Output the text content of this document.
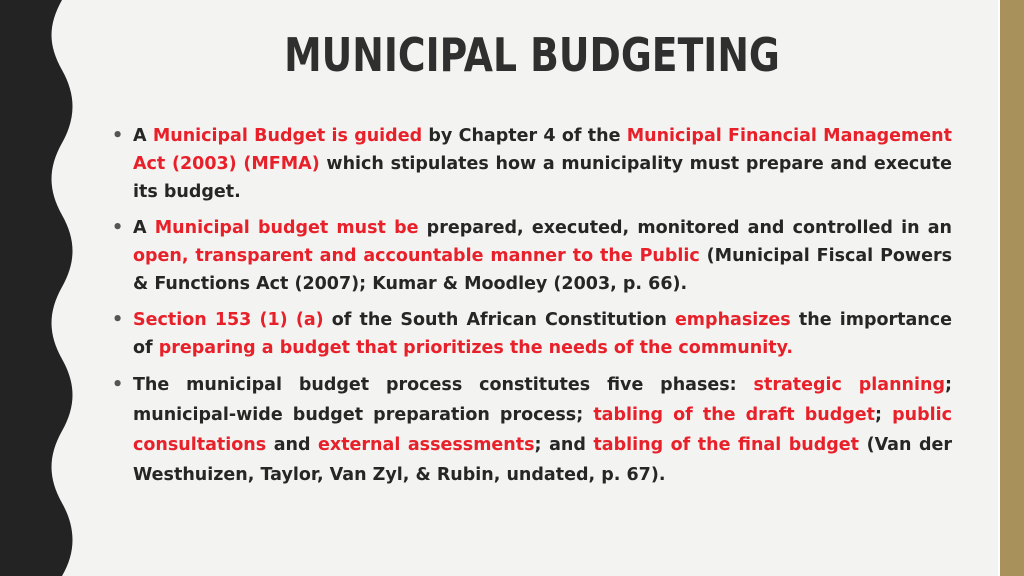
MUNICIPAL BUDGETING
• A Municipal Budget is guided by Chapter 4 of the Municipal Financial Management Act (2003) (MFMA) which stipulates how a municipality must prepare and execute its budget.
• A Municipal budget must be prepared, executed, monitored and controlled in an open, transparent and accountable manner to the Public (Municipal Fiscal Powers & Functions Act (2007); Kumar & Moodley (2003, p. 66).
• Section 153 (1) (a) of the South African Constitution emphasizes the importance of preparing a budget that prioritizes the needs of the community.
• The municipal budget process constitutes five phases: strategic planning; municipal-wide budget preparation process; tabling of the draft budget; public consultations and external assessments; and tabling of the final budget (Van der Westhuizen, Taylor, Van Zyl, & Rubin, undated, p. 67).
